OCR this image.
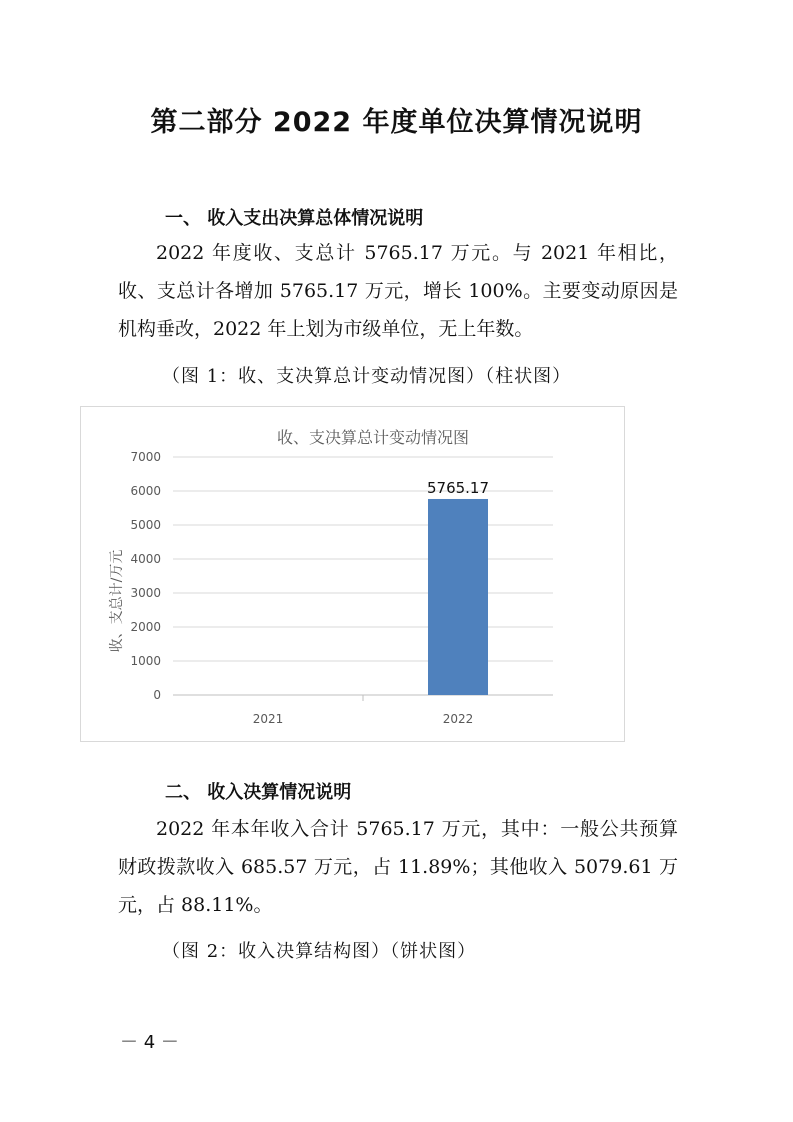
第二部分 2022 年度单位决算情况说明
一、 收入支出决算总体情况说明
2022 年度收、支总计 5765.17 万元。与 2021 年相比，收、支总计各增加 5765.17 万元，增长 100%。主要变动原因是机构垂改，2022 年上划为市级单位，无上年数。
（图 1：收、支决算总计变动情况图）（柱状图）
收、支决算总计变动情况图
收、支总计/万元
0
1000
2000
3000
4000
5000
6000
7000
2021	2022
5765.17
二、 收入决算情况说明
2022 年本年收入合计 5765.17 万元，其中：一般公共预算财政拨款收入 685.57 万元，占 11.89%；其他收入 5079.61 万元，占 88.11%。
（图 2：收入决算结构图）（饼状图）
－ 4 －
